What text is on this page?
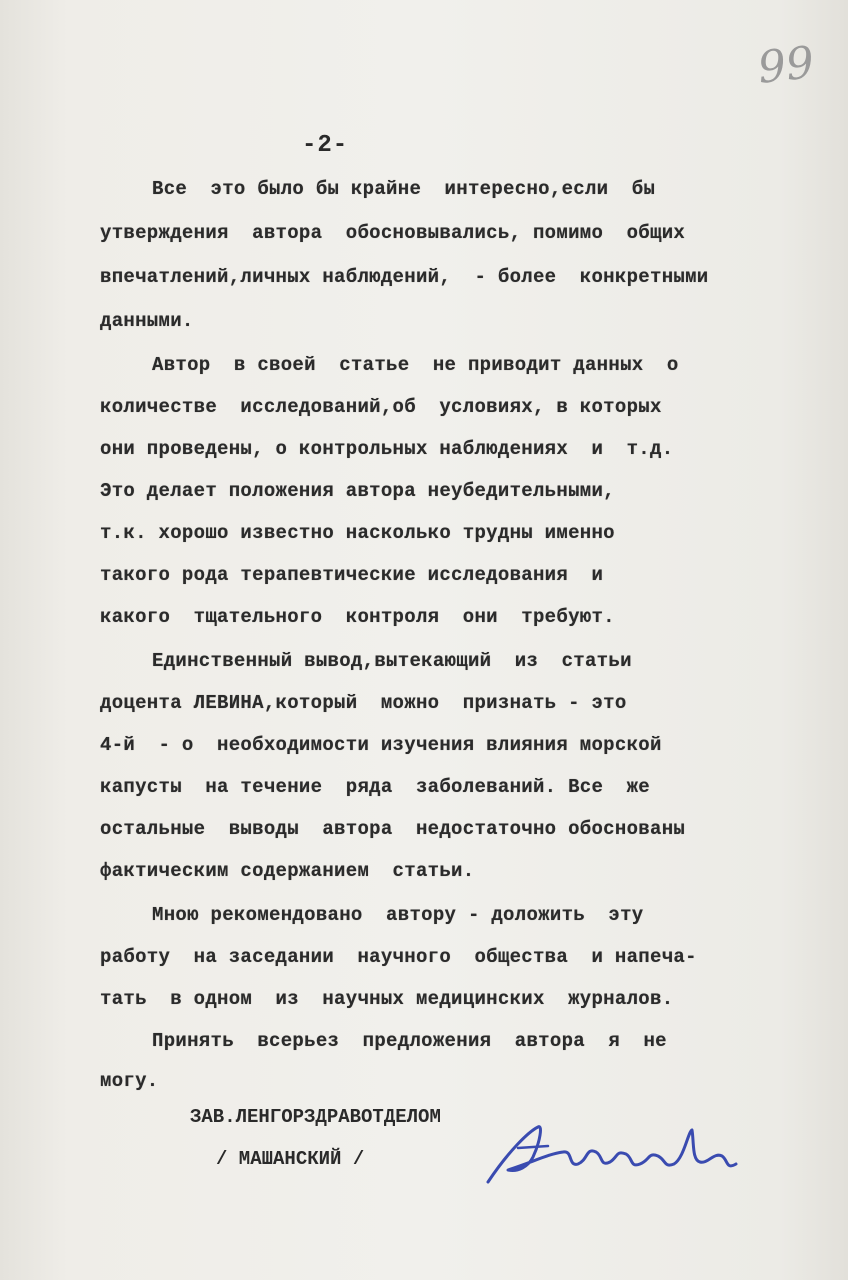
99
-2-
Все  это было бы крайне  интересно,если  бы
утверждения  автора  обосновывались, помимо  общих
впечатлений,личных наблюдений,  - более  конкретными
данными.
Автор  в своей  статье  не приводит данных  о
количестве  исследований,об  условиях, в которых
они проведены, о контрольных наблюдениях  и  т.д.
Это делает положения автора неубедительными,
т.к. хорошо известно насколько трудны именно
такого рода терапевтические исследования  и
какого  тщательного  контроля  они  требуют.
Единственный вывод,вытекающий  из  статьи
доцента ЛЕВИНА,который  можно  признать - это
4-й  - о  необходимости изучения влияния морской
капусты  на течение  ряда  заболеваний. Все  же
остальные  выводы  автора  недостаточно обоснованы
фактическим содержанием  статьи.
Мною рекомендовано  автору - доложить  эту
работу  на заседании  научного  общества  и напеча-
тать  в одном  из  научных медицинских  журналов.
Принять  всерьез  предложения  автора  я  не
могу.
ЗАВ.ЛЕНГОРЗДРАВОТДЕЛОМ
/ МАШАНСКИЙ /
